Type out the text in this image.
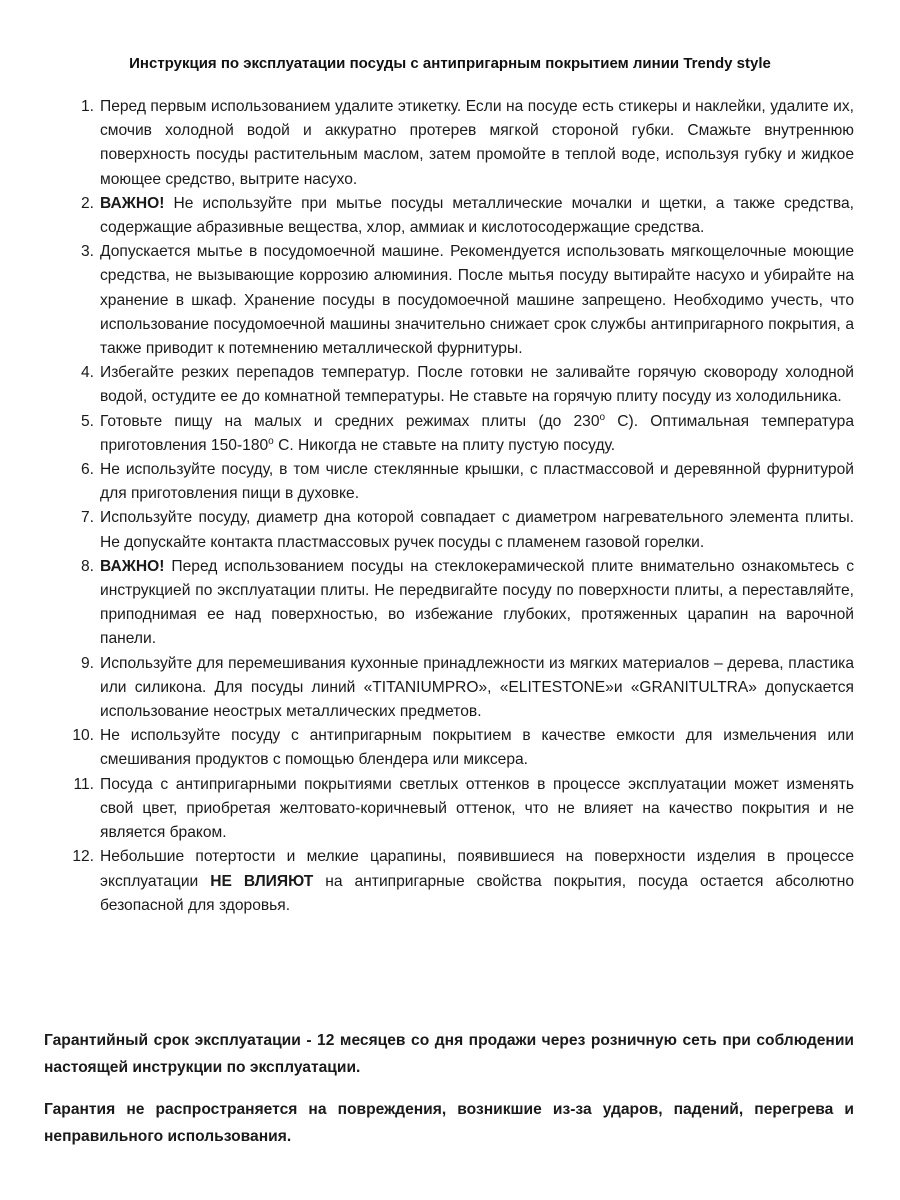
Инструкция по эксплуатации посуды с антипригарным покрытием линии Trendy style
1. Перед первым использованием удалите этикетку. Если на посуде есть стикеры и наклейки, удалите их, смочив холодной водой и аккуратно протерев мягкой стороной губки. Смажьте внутреннюю поверхность посуды растительным маслом, затем промойте в теплой воде, используя губку и жидкое моющее средство, вытрите насухо.
2. ВАЖНО! Не используйте при мытье посуды металлические мочалки и щетки, а также средства, содержащие абразивные вещества, хлор, аммиак и кислотосодержащие средства.
3. Допускается мытье в посудомоечной машине. Рекомендуется использовать мягкощелочные моющие средства, не вызывающие коррозию алюминия. После мытья посуду вытирайте насухо и убирайте на хранение в шкаф. Хранение посуды в посудомоечной машине запрещено. Необходимо учесть, что использование посудомоечной машины значительно снижает срок службы антипригарного покрытия, а также приводит к потемнению металлической фурнитуры.
4. Избегайте резких перепадов температур. После готовки не заливайте горячую сковороду холодной водой, остудите ее до комнатной температуры. Не ставьте на горячую плиту посуду из холодильника.
5. Готовьте пищу на малых и средних режимах плиты (до 230$^o$ С). Оптимальная температура приготовления 150-180$^o$ С. Никогда не ставьте на плиту пустую посуду.
6. Не используйте посуду, в том числе стеклянные крышки, с пластмассовой и деревянной фурнитурой для приготовления пищи в духовке.
7. Используйте посуду, диаметр дна которой совпадает с диаметром нагревательного элемента плиты. Не допускайте контакта пластмассовых ручек посуды с пламенем газовой горелки.
8. ВАЖНО! Перед использованием посуды на стеклокерамической плите внимательно ознакомьтесь с инструкцией по эксплуатации плиты. Не передвигайте посуду по поверхности плиты, а переставляйте, приподнимая ее над поверхностью, во избежание глубоких, протяженных царапин на варочной панели.
9. Используйте для перемешивания кухонные принадлежности из мягких материалов – дерева, пластика или силикона. Для посуды линий «TITANIUMPRO», «ELITESTONE»и «GRANITULTRA» допускается использование неострых металлических предметов.
10. Не используйте посуду с антипригарным покрытием в качестве емкости для измельчения или смешивания продуктов с помощью блендера или миксера.
11. Посуда с антипригарными покрытиями светлых оттенков в процессе эксплуатации может изменять свой цвет, приобретая желтовато-коричневый оттенок, что не влияет на качество покрытия и не является браком.
12. Небольшие потертости и мелкие царапины, появившиеся на поверхности изделия в процессе эксплуатации НЕ ВЛИЯЮТ на антипригарные свойства покрытия, посуда остается абсолютно безопасной для здоровья.

Гарантийный срок эксплуатации - 12 месяцев со дня продажи через розничную сеть при соблюдении настоящей инструкции по эксплуатации.

Гарантия не распространяется на повреждения, возникшие из-за ударов, падений, перегрева и неправильного использования.
